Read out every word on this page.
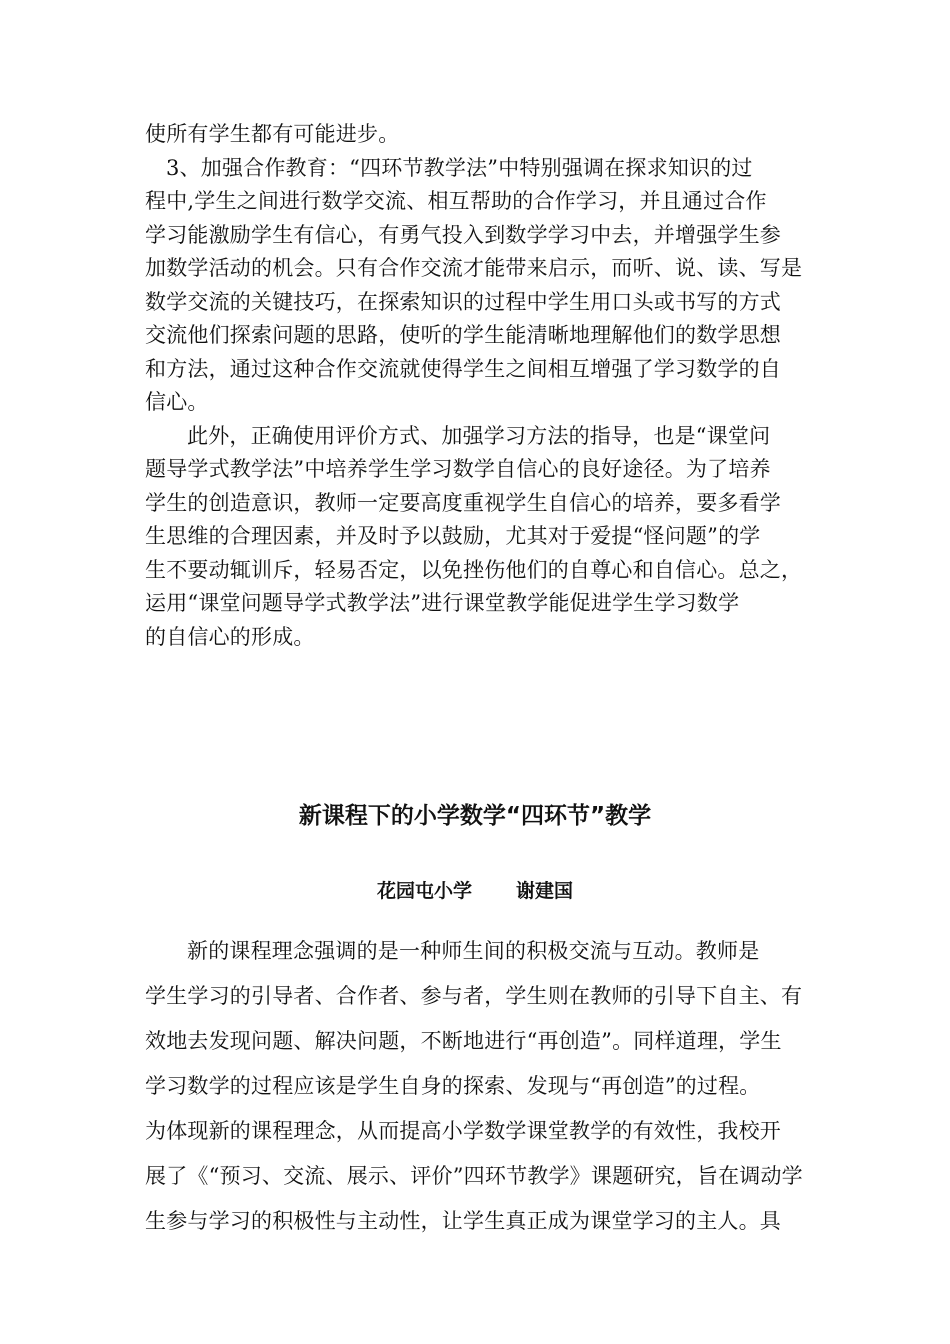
使所有学生都有可能进步。
3、加强合作教育：“四环节教学法”中特别强调在探求知识的过
程中,学生之间进行数学交流、相互帮助的合作学习，并且通过合作
学习能激励学生有信心，有勇气投入到数学学习中去，并增强学生参
加数学活动的机会。只有合作交流才能带来启示，而听、说、读、写是
数学交流的关键技巧，在探索知识的过程中学生用口头或书写的方式
交流他们探索问题的思路，使听的学生能清晰地理解他们的数学思想
和方法，通过这种合作交流就使得学生之间相互增强了学习数学的自
信心。
此外，正确使用评价方式、加强学习方法的指导，也是“课堂问
题导学式教学法”中培养学生学习数学自信心的良好途径。为了培养
学生的创造意识，教师一定要高度重视学生自信心的培养，要多看学
生思维的合理因素，并及时予以鼓励，尤其对于爱提“怪问题”的学
生不要动辄训斥，轻易否定，以免挫伤他们的自尊心和自信心。总之，
运用“课堂问题导学式教学法”进行课堂教学能促进学生学习数学
的自信心的形成。
新课程下的小学数学“四环节”教学
花园屯小学 谢建国
新的课程理念强调的是一种师生间的积极交流与互动。教师是
学生学习的引导者、合作者、参与者，学生则在教师的引导下自主、有
效地去发现问题、解决问题，不断地进行“再创造”。同样道理，学生
学习数学的过程应该是学生自身的探索、发现与“再创造”的过程。
为体现新的课程理念，从而提高小学数学课堂教学的有效性，我校开
展了《“预习、交流、展示、评价”四环节教学》课题研究，旨在调动学
生参与学习的积极性与主动性，让学生真正成为课堂学习的主人。具
